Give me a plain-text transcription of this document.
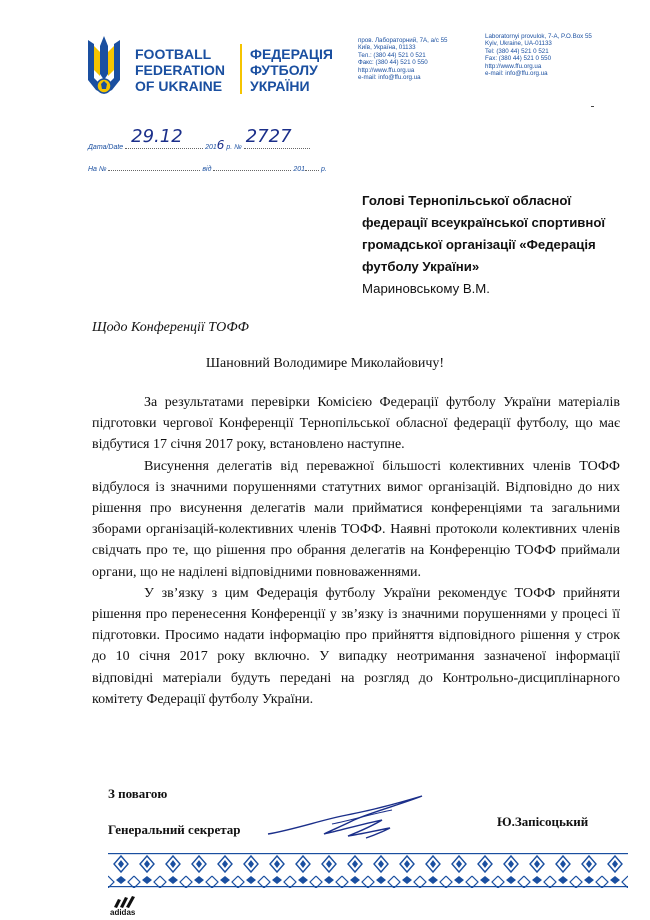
FOOTBALL
FEDERATION
OF UKRAINE
ФЕДЕРАЦІЯ
ФУТБОЛУ
УКРАЇНИ
пров. Лабораторний, 7А, а/с 55
Київ, Україна, 01133
Тел.: (380 44) 521 0 521
Факс: (380 44) 521 0 550
http://www.ffu.org.ua
e-mail: info@ffu.org.ua
Laboratornyi provulok, 7-A, P.O.Box 55
Kyiv, Ukraine, UA-01133
Tel: (380 44) 521 0 521
Fax: (380 44) 521 0 550
http://www.ffu.org.ua
e-mail: info@ffu.org.ua
Дата/Date
29.12
2016 р. №
2727
На №	від	201 р.
Голові Тернопільської обласної
федерації всеукраїнської спортивної
громадської організації «Федерація
футболу України»
Мариновському В.М.
Щодо Конференції ТОФФ
Шановний Володимире Миколайовичу!

За результатами перевірки Комісією Федерації футболу України матеріалів підготовки чергової Конференції Тернопільської обласної федерації футболу, що має відбутися 17 січня 2017 року, встановлено наступне.

Висунення делегатів від переважної більшості колективних членів ТОФФ відбулося із значними порушеннями статутних вимог організацій. Відповідно до них рішення про висунення делегатів мали прийматися конференціями та загальними зборами організацій-колективних членів ТОФФ. Наявні протоколи колективних членів свідчать про те, що рішення про обрання делегатів на Конференцію ТОФФ приймали органи, що не наділені відповідними повноваженнями.

У зв’язку з цим Федерація футболу України рекомендує ТОФФ прийняти рішення про перенесення Конференції у зв’язку із значними порушеннями у процесі її підготовки. Просимо надати інформацію про прийняття відповідного рішення у строк до 10 січня 2017 року включно. У випадку неотримання зазначеної інформації відповідні матеріали будуть передані на розгляд до Контрольно-дисциплінарного комітету Федерації футболу України.

З повагою
Генеральний секретар
Ю.Запісоцький
adidas
